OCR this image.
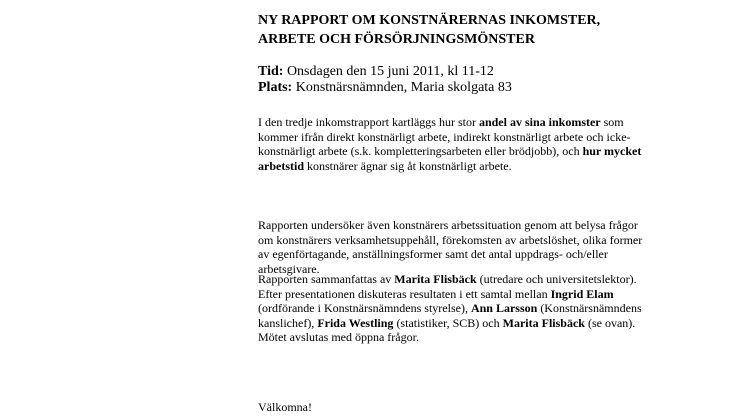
NY RAPPORT OM KONSTNÄRERNAS INKOMSTER,
ARBETE OCH FÖRSÖRJNINGSMÖNSTER
Tid: Onsdagen den 15 juni 2011, kl 11-12
Plats: Konstnärsnämnden, Maria skolgata 83

I den tredje inkomstrapport kartläggs hur stor andel av sina inkomster som kommer ifrån direkt konstnärligt arbete, indirekt konstnärligt arbete och icke-konstnärligt arbete (s.k. kompletteringsarbeten eller brödjobb), och hur mycket arbetstid konstnärer ägnar sig åt konstnärligt arbete.

Rapporten undersöker även konstnärers arbetssituation genom att belysa frågor om konstnärers verksamhetsuppehåll, förekomsten av arbetslöshet, olika former av egenförtagande, anställningsformer samt det antal uppdrags- och/eller arbetsgivare.

Rapporten sammanfattas av Marita Flisbäck (utredare och universitetslektor). Efter presentationen diskuteras resultaten i ett samtal mellan Ingrid Elam (ordförande i Konstnärsnämndens styrelse), Ann Larsson (Konstnärsnämndens kanslichef), Frida Westling (statistiker, SCB) och Marita Flisbäck (se ovan). Mötet avslutas med öppna frågor.

Välkomna!
